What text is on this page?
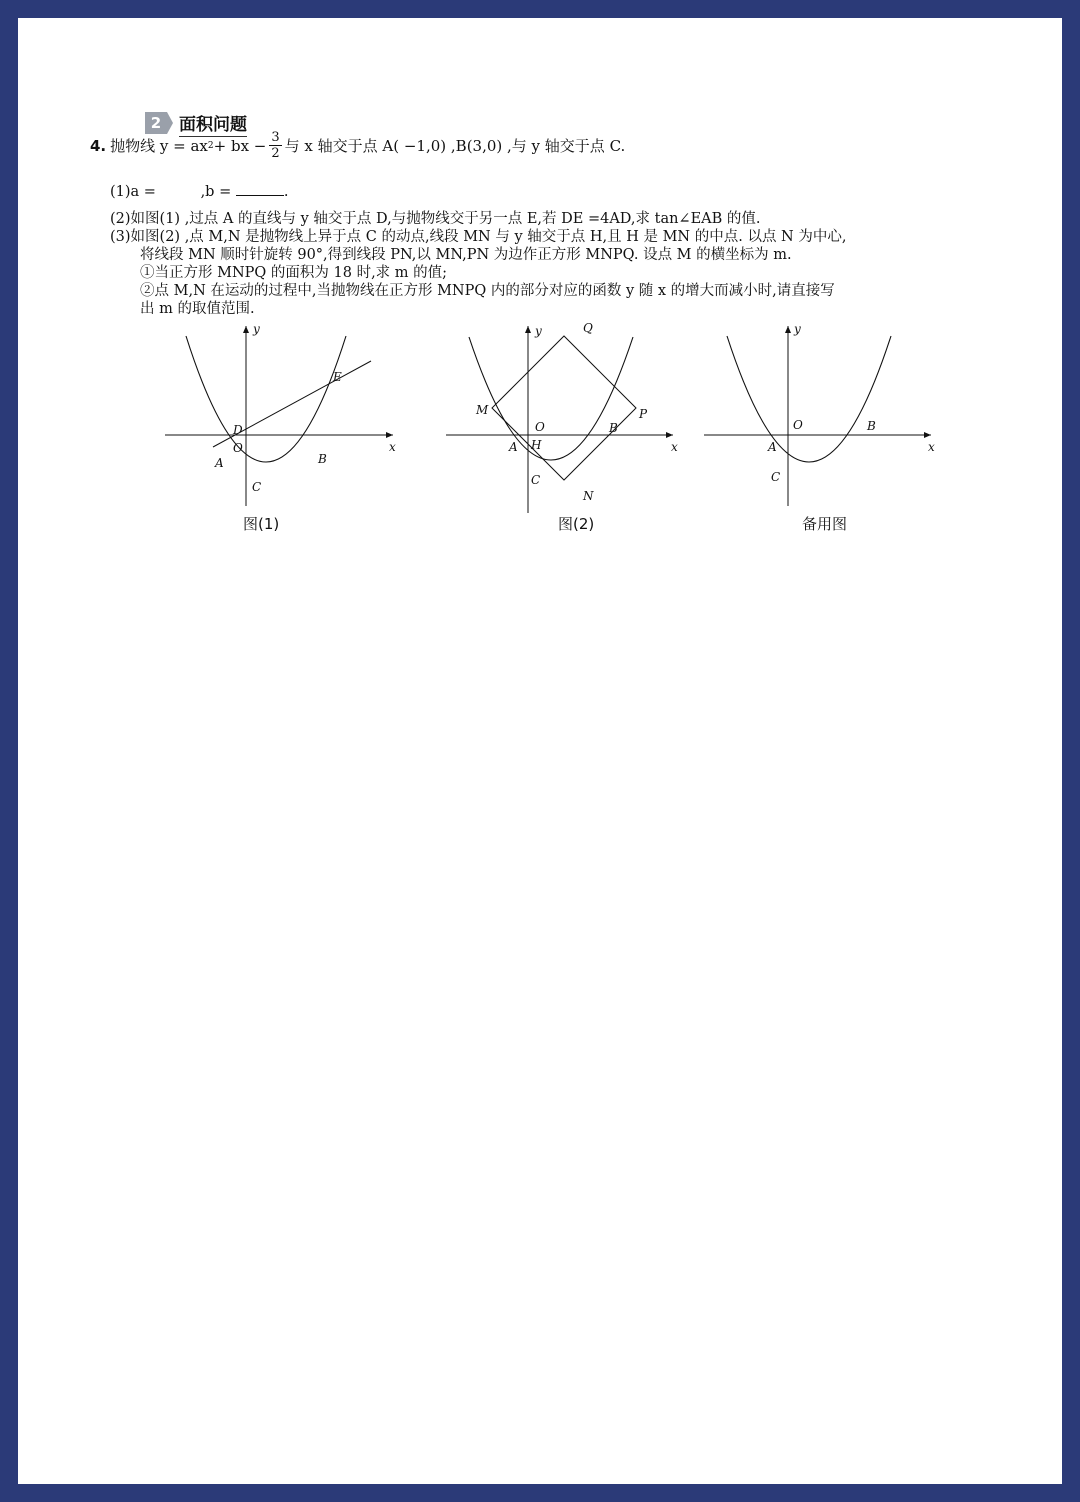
2	面积问题
4. 抛物线 y = ax 2 + bx − $\frac{3}{2}$ 与 x 轴交于点 A( −1,0) ,B(3,0) ,与 y 轴交于点 C.
(1)a =	,b =	.
(2)如图(1) ,过点 A 的直线与 y 轴交于点 D,与抛物线交于另一点 E,若 DE =4AD,求 tan∠EAB 的值.
(3)如图(2) ,点 M,N 是抛物线上异于点 C 的动点,线段 MN 与 y 轴交于点 H,且 H 是 MN 的中点. 以点 N 为中心,
将线段 MN 顺时针旋转 90°,得到线段 PN,以 MN,PN 为边作正方形 MNPQ. 设点 M 的横坐标为 m.
①当正方形 MNPQ 的面积为 18 时,求 m 的值;
②点 M,N 在运动的过程中,当抛物线在正方形 MNPQ 内的部分对应的函数 y 随 x 的增大而减小时,请直接写
出 m 的取值范围.
y
x
O
A	B
C
D
E
图(1)
y
x
O
A
B
H
C
M
N
P
Q
图(2)
y
x
O
A
B
C
备用图
